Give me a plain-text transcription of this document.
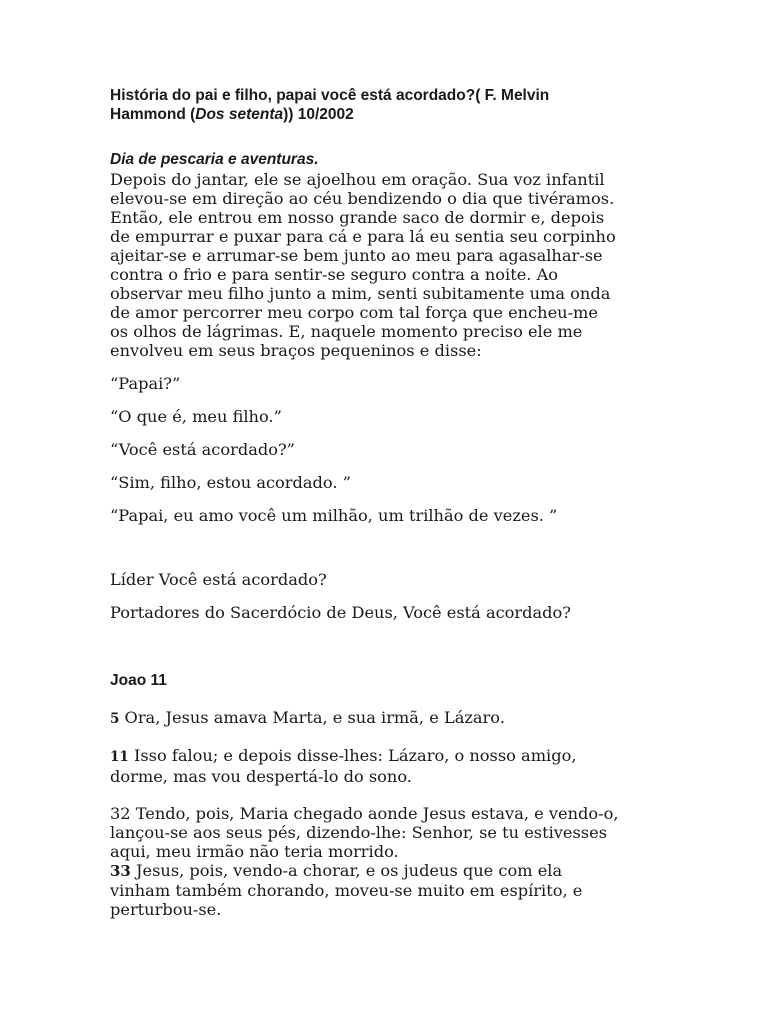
História do pai e filho, papai você está acordado?( F. Melvin
Hammond (Dos setenta)) 10/2002
Dia de pescaria e aventuras.
Depois do jantar, ele se ajoelhou em oração. Sua voz infantil
elevou-se em direção ao céu bendizendo o dia que tivéramos.
Então, ele entrou em nosso grande saco de dormir e, depois
de empurrar e puxar para cá e para lá eu sentia seu corpinho
ajeitar-se e arrumar-se bem junto ao meu para agasalhar-se
contra o frio e para sentir-se seguro contra a noite. Ao
observar meu filho junto a mim, senti subitamente uma onda
de amor percorrer meu corpo com tal força que encheu-me
os olhos de lágrimas. E, naquele momento preciso ele me
envolveu em seus braços pequeninos e disse:
“Papai?”
“O que é, meu filho.”
“Você está acordado?”
“Sim, filho, estou acordado. ”
“Papai, eu amo você um milhão, um trilhão de vezes. ”
Líder Você está acordado?
Portadores do Sacerdócio de Deus, Você está acordado?
Joao 11
5 Ora, Jesus amava Marta, e sua irmã, e Lázaro.
11 Isso falou; e depois disse-lhes: Lázaro, o nosso amigo,
dorme, mas vou despertá-lo do sono.
32 Tendo, pois, Maria chegado aonde Jesus estava, e vendo-o,
lançou-se aos seus pés, dizendo-lhe: Senhor, se tu estivesses
aqui, meu irmão não teria morrido.
33 Jesus, pois, vendo-a chorar, e os judeus que com ela
vinham também chorando, moveu-se muito em espírito, e
perturbou-se.
